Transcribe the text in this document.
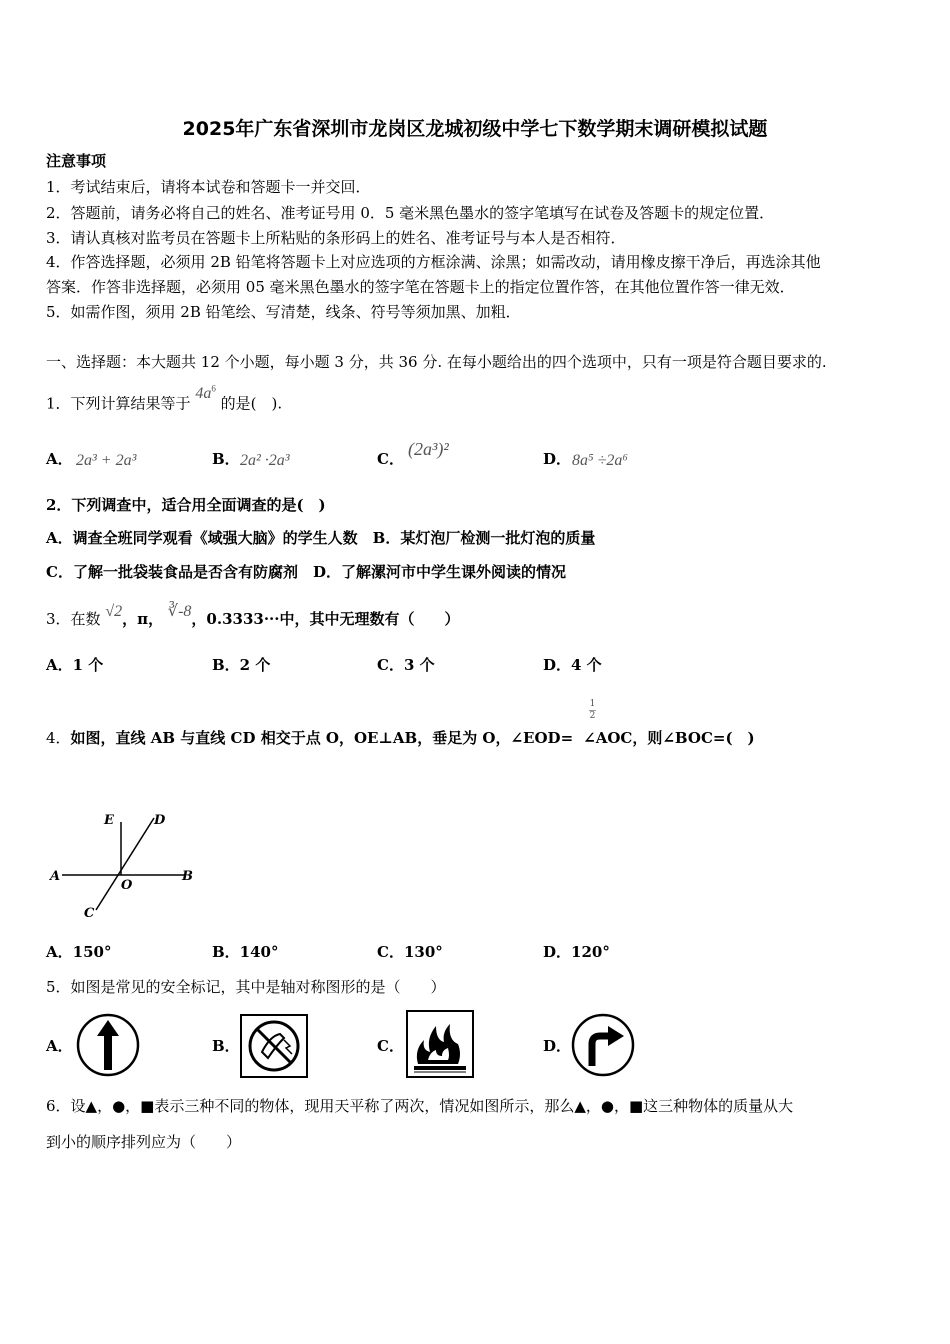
2025年广东省深圳市龙岗区龙城初级中学七下数学期末调研模拟试题
注意事项
1．考试结束后，请将本试卷和答题卡一并交回．
2．答题前，请务必将自己的姓名、准考证号用 0．5 毫米黑色墨水的签字笔填写在试卷及答题卡的规定位置．
3．请认真核对监考员在答题卡上所粘贴的条形码上的姓名、准考证号与本人是否相符．
4．作答选择题，必须用 2B 铅笔将答题卡上对应选项的方框涂满、涂黑；如需改动，请用橡皮擦干净后，再选涂其他
答案．作答非选择题，必须用 05 毫米黑色墨水的签字笔在答题卡上的指定位置作答，在其他位置作答一律无效．
5．如需作图，须用 2B 铅笔绘、写清楚，线条、符号等须加黑、加粗．
一、选择题：本大题共 12 个小题，每小题 3 分，共 36 分. 在每小题给出的四个选项中，只有一项是符合题目要求的.
1．下列计算结果等于 $4a^6$ 的是(　).
A． 2a³ + 2a³	B． 2a² ·2a³	C． (2a³)²	D． 8a⁵ ÷2a⁶
2．下列调查中，适合用全面调查的是(　)
A．调查全班同学观看《域强大脑》的学生人数　B．某灯泡厂检测一批灯泡的质量
C．了解一批袋装食品是否含有防腐剂　D．了解漯河市中学生课外阅读的情况
3．在数 √2，π， ∛-8，0.3333···中，其中无理数有（　　）
A．1 个	B．2 个	C．3 个	D．4 个
1
2
4．如图，直线 AB 与直线 CD 相交于点 O，OE⊥AB，垂足为 O，∠EOD= ∠AOC，则∠BOC=(　)
A	B
C
D
E
O
A．150°	B．140°	C．130°	D．120°
5．如图是常见的安全标记，其中是轴对称图形的是（　　）
A．	B．	C．	D．
6．设▲，●，■表示三种不同的物体，现用天平称了两次，情况如图所示，那么▲，●，■这三种物体的质量从大
到小的顺序排列应为（　　）
